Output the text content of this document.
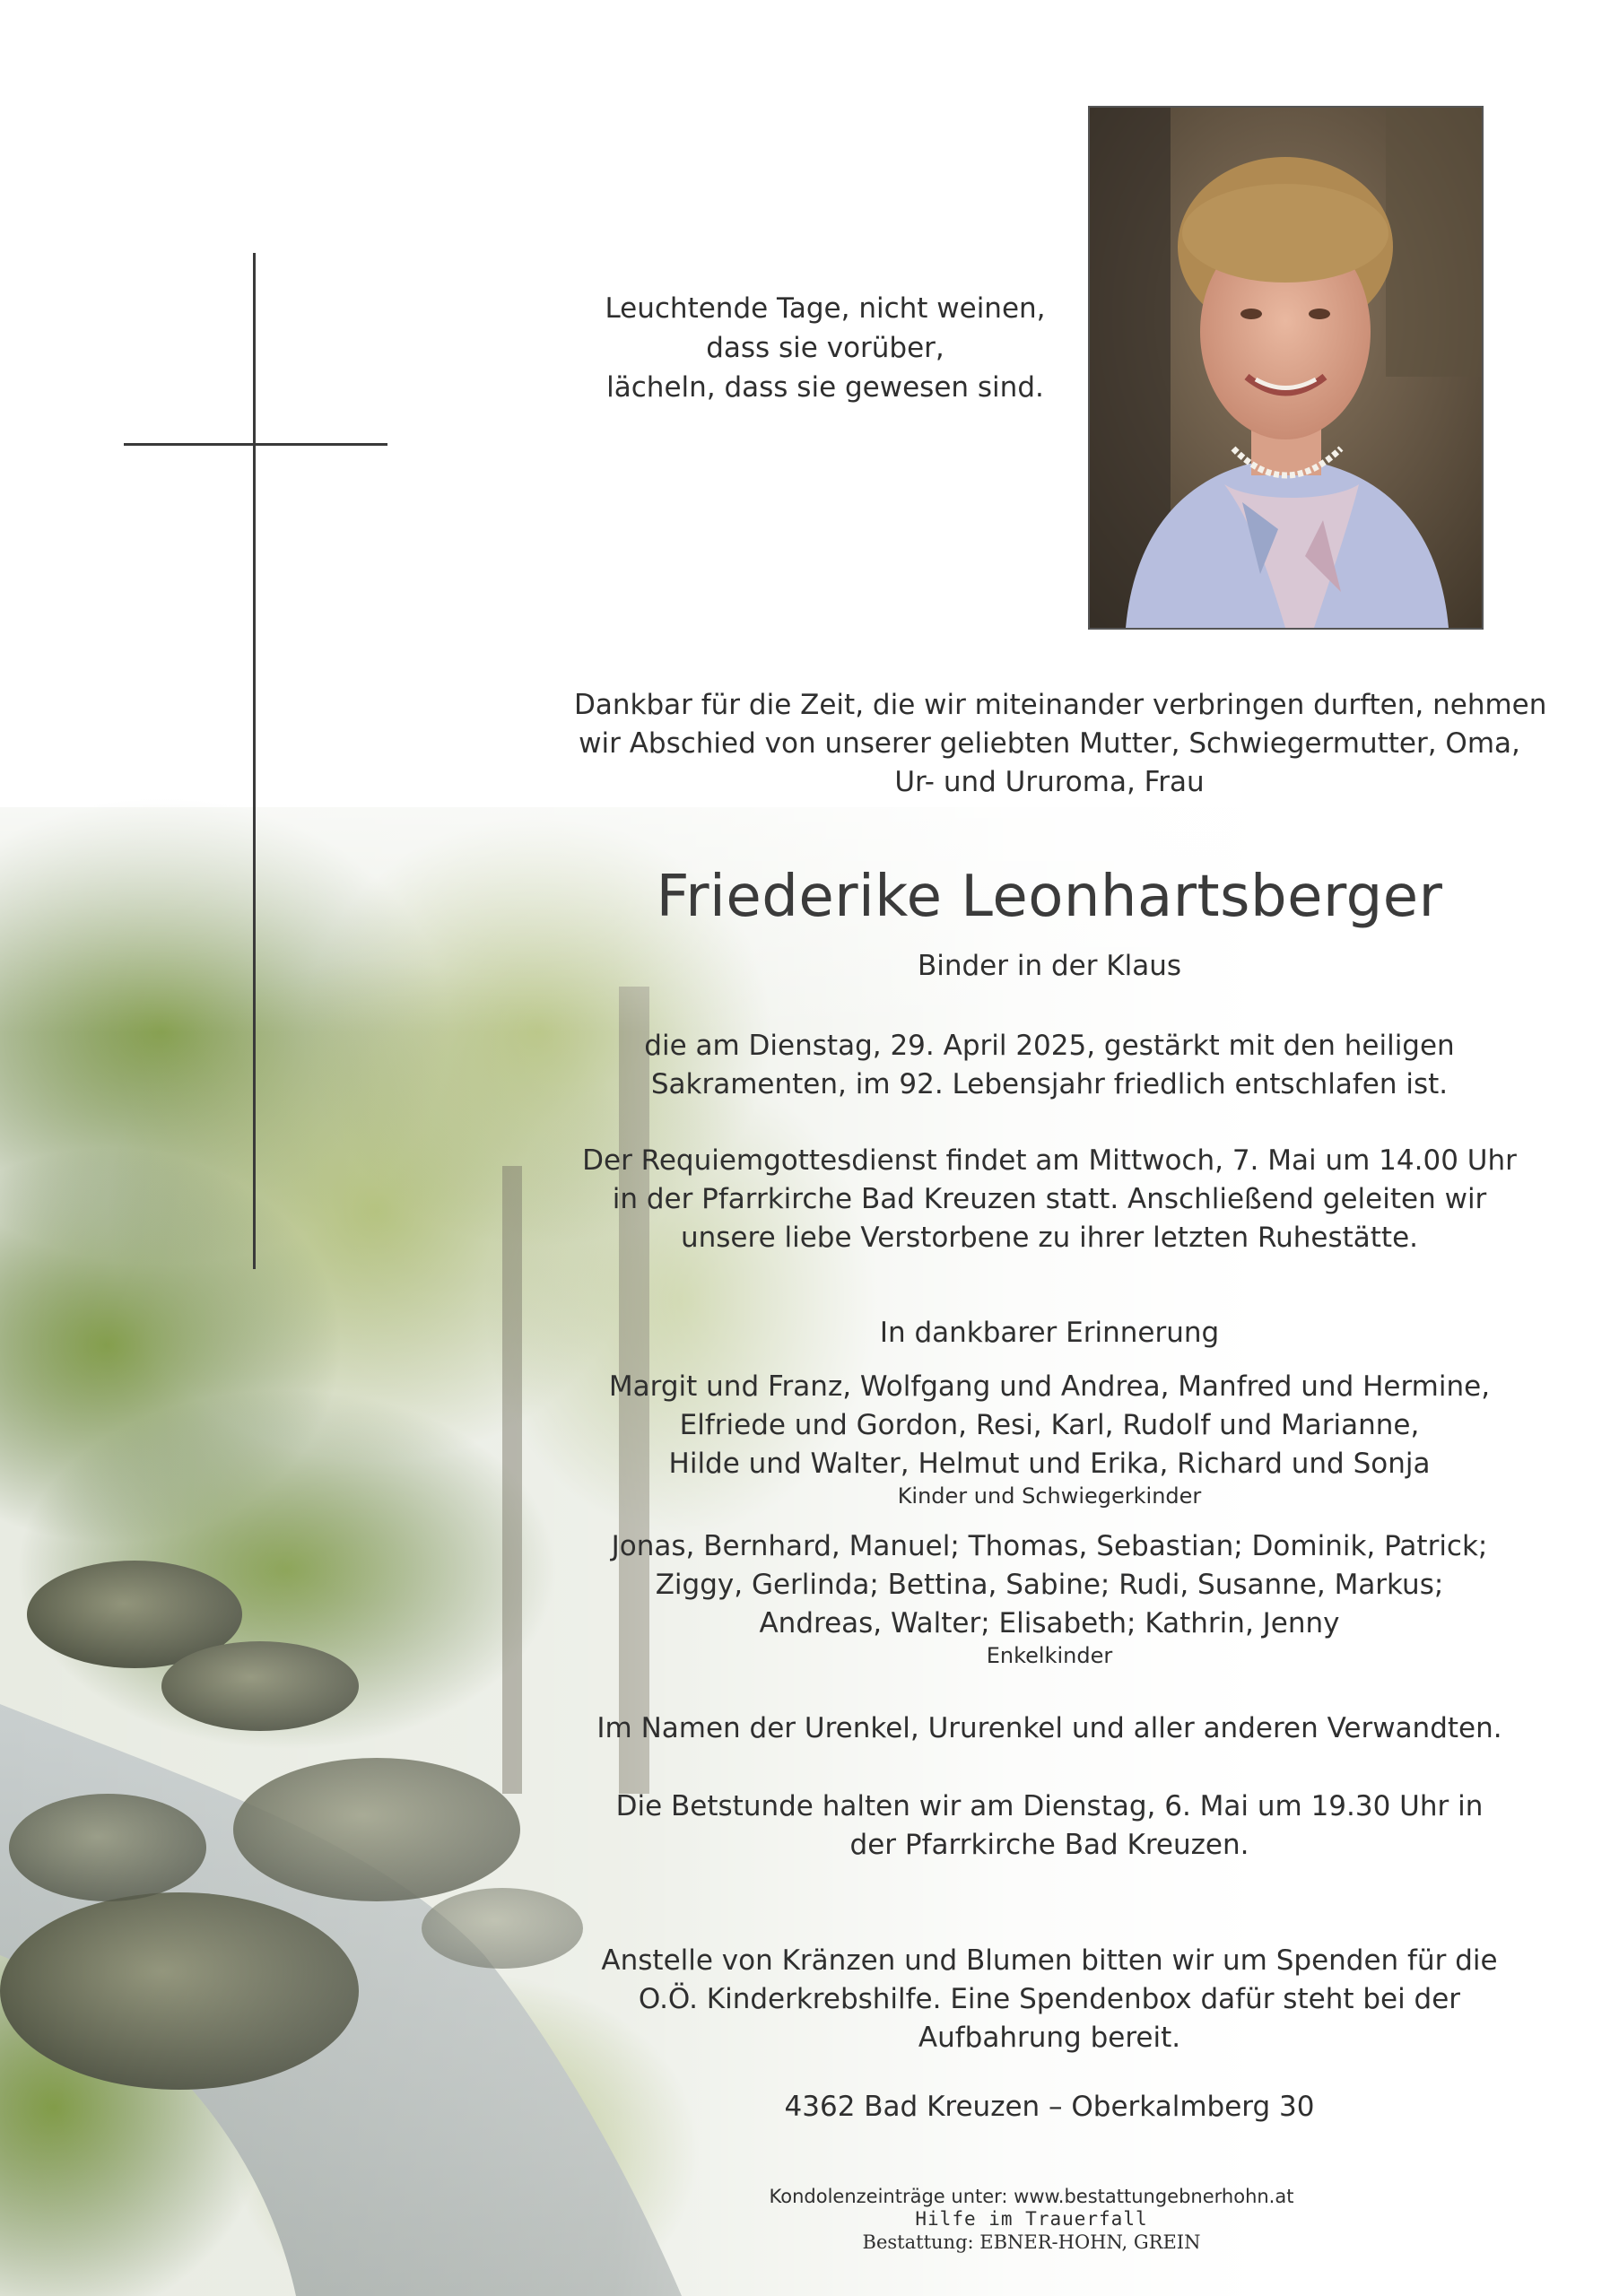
Leuchtende Tage, nicht weinen,
dass sie vorüber,
lächeln, dass sie gewesen sind.
Dankbar für die Zeit, die wir miteinander verbringen durften, nehmen
wir Abschied von unserer geliebten Mutter, Schwiegermutter, Oma,
Ur- und Ururoma, Frau
Friederike Leonhartsberger
Binder in der Klaus
die am Dienstag, 29. April 2025, gestärkt mit den heiligen
Sakramenten, im 92. Lebensjahr friedlich entschlafen ist.
Der Requiemgottesdienst findet am Mittwoch, 7. Mai um 14.00 Uhr
in der Pfarrkirche Bad Kreuzen statt. Anschließend geleiten wir
unsere liebe Verstorbene zu ihrer letzten Ruhestätte.
In dankbarer Erinnerung
Margit und Franz, Wolfgang und Andrea, Manfred und Hermine,
Elfriede und Gordon, Resi, Karl, Rudolf und Marianne,
Hilde und Walter, Helmut und Erika, Richard und Sonja
Kinder und Schwiegerkinder
Jonas, Bernhard, Manuel; Thomas, Sebastian; Dominik, Patrick;
Ziggy, Gerlinda; Bettina, Sabine; Rudi, Susanne, Markus;
Andreas, Walter; Elisabeth; Kathrin, Jenny
Enkelkinder
Im Namen der Urenkel, Ururenkel und aller anderen Verwandten.
Die Betstunde halten wir am Dienstag, 6. Mai um 19.30 Uhr in
der Pfarrkirche Bad Kreuzen.
Anstelle von Kränzen und Blumen bitten wir um Spenden für die
O.Ö. Kinderkrebshilfe. Eine Spendenbox dafür steht bei der
Aufbahrung bereit.
4362 Bad Kreuzen – Oberkalmberg 30
Kondolenzeinträge unter: www.bestattungebnerhohn.at
Hilfe im Trauerfall
Bestattung: EBNER-HOHN, GREIN
